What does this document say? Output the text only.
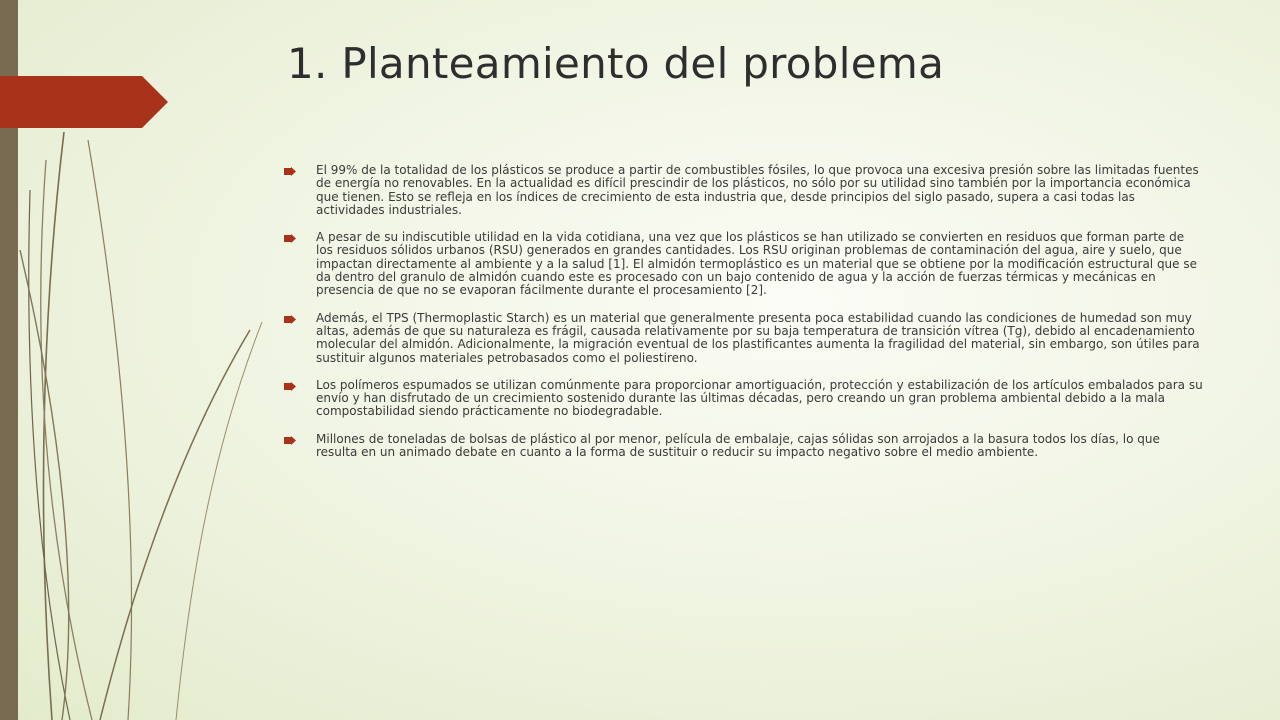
1. Planteamiento del problema
El 99% de la totalidad de los plásticos se produce a partir de combustibles fósiles, lo que provoca una excesiva presión sobre las limitadas fuentes de energía no renovables. En la actualidad es difícil prescindir de los plásticos, no sólo por su utilidad sino también por la importancia económica que tienen. Esto se refleja en los índices de crecimiento de esta industria que, desde principios del siglo pasado, supera a casi todas las actividades industriales.
A pesar de su indiscutible utilidad en la vida cotidiana, una vez que los plásticos se han utilizado se convierten en residuos que forman parte de los residuos sólidos urbanos (RSU) generados en grandes cantidades. Los RSU originan problemas de contaminación del agua, aire y suelo, que impactan directamente al ambiente y a la salud [1]. El almidón termoplástico es un material que se obtiene por la modificación estructural que se da dentro del granulo de almidón cuando este es procesado con un bajo contenido de agua y la acción de fuerzas térmicas y mecánicas en presencia de que no se evaporan fácilmente durante el procesamiento [2].
Además, el TPS (Thermoplastic Starch) es un material que generalmente presenta poca estabilidad cuando las condiciones de humedad son muy altas, además de que su naturaleza es frágil, causada relativamente por su baja temperatura de transición vítrea (Tg), debido al encadenamiento molecular del almidón. Adicionalmente, la migración eventual de los plastificantes aumenta la fragilidad del material, sin embargo, son útiles para sustituir algunos materiales petrobasados como el poliestireno.
Los polímeros espumados se utilizan comúnmente para proporcionar amortiguación, protección y estabilización de los artículos embalados para su envío y han disfrutado de un crecimiento sostenido durante las últimas décadas, pero creando un gran problema ambiental debido a la mala compostabilidad siendo prácticamente no biodegradable.
Millones de toneladas de bolsas de plástico al por menor, película de embalaje, cajas sólidas son arrojados a la basura todos los días, lo que resulta en un animado debate en cuanto a la forma de sustituir o reducir su impacto negativo sobre el medio ambiente.
